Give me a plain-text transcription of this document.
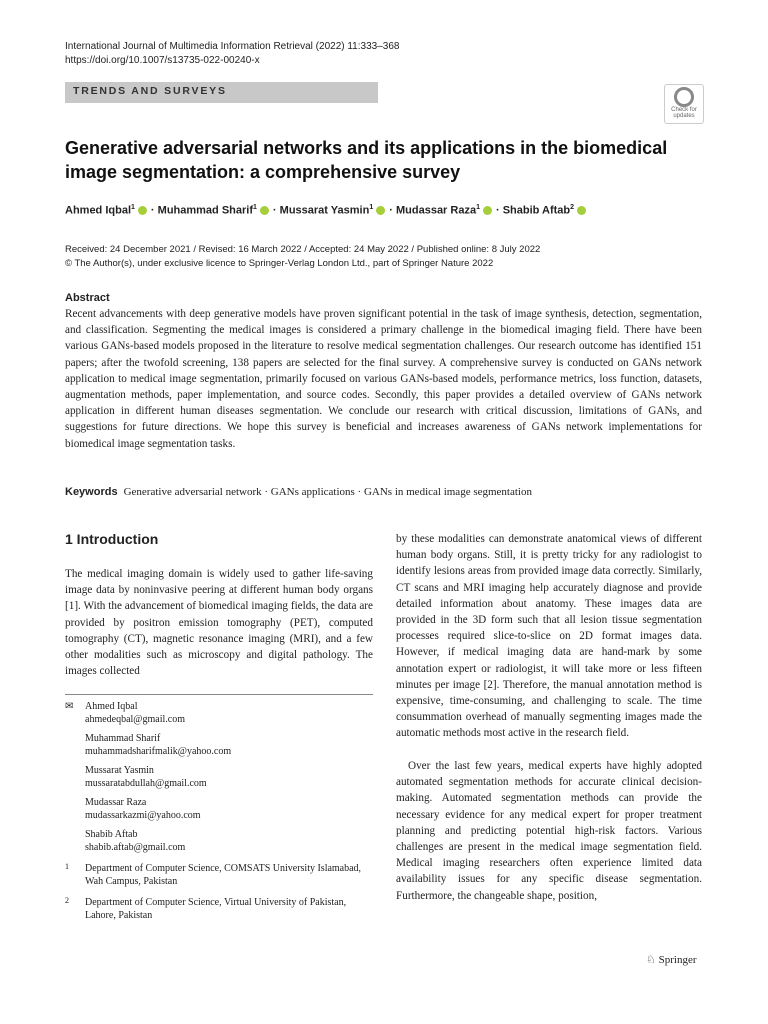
International Journal of Multimedia Information Retrieval (2022) 11:333–368
https://doi.org/10.1007/s13735-022-00240-x
TRENDS AND SURVEYS
Check for
updates
Generative adversarial networks and its applications in the biomedical image segmentation: a comprehensive survey
Ahmed Iqbal$^1$ · Muhammad Sharif$^1$ · Mussarat Yasmin$^1$ · Mudassar Raza$^1$ · Shabib Aftab$^2$
Received: 24 December 2021 / Revised: 16 March 2022 / Accepted: 24 May 2022 / Published online: 8 July 2022
© The Author(s), under exclusive licence to Springer-Verlag London Ltd., part of Springer Nature 2022
Abstract

Recent advancements with deep generative models have proven significant potential in the task of image synthesis, detection, segmentation, and classification. Segmenting the medical images is considered a primary challenge in the biomedical imaging field. There have been various GANs-based models proposed in the literature to resolve medical segmentation challenges. Our research outcome has identified 151 papers; after the twofold screening, 138 papers are selected for the final survey. A comprehensive survey is conducted on GANs network application to medical image segmentation, primarily focused on various GANs-based models, performance metrics, loss function, datasets, augmentation methods, paper implementation, and source codes. Secondly, this paper provides a detailed overview of GANs network application in different human diseases segmentation. We conclude our research with critical discussion, limitations of GANs, and suggestions for future directions. We hope this survey is beneficial and increases awareness of GANs network implementations for biomedical image segmentation tasks.

Keywords Generative adversarial network · GANs applications · GANs in medical image segmentation
1 Introduction

The medical imaging domain is widely used to gather life-saving image data by noninvasive peering at different human body organs [1]. With the advancement of biomedical imaging fields, the data are provided by positron emission tomography (PET), computed tomography (CT), magnetic resonance imaging (MRI), and a few other modalities such as microscopy and digital pathology. The images collected

by these modalities can demonstrate anatomical views of different human body organs. Still, it is pretty tricky for any radiologist to identify lesions areas from provided image data correctly. Similarly, CT scans and MRI imaging help accurately diagnose and provide detailed information about anatomy. These images data are provided in the 3D form such that all lesion tissue segmentation processes required slice-to-slice on 2D format images data. However, if medical imaging data are hand-mark by some annotation expert or radiologist, it will take more or less fifteen minutes per image [2]. Therefore, the manual annotation method is expensive, time-consuming, and challenging to scale. The time consummation overhead of manually segmenting images made the automatic methods most active in the research field.

Over the last few years, medical experts have highly adopted automated segmentation methods for accurate clinical decision-making. Automated segmentation methods can provide the necessary evidence for any medical expert for proper treatment planning and predicting potential high-risk factors. Various challenges are present in the medical image segmentation field. Medical imaging researchers often experience limited data availability issues for any specific disease segmentation. Furthermore, the changeable shape, position,

✉ Ahmed Iqbal
ahmedeqbal@gmail.com
Muhammad Sharif
muhammadsharifmalik@yahoo.com
Mussarat Yasmin
mussaratabdullah@gmail.com
Mudassar Raza
mudassarkazmi@yahoo.com
Shabib Aftab
shabib.aftab@gmail.com
1 Department of Computer Science, COMSATS University Islamabad, Wah Campus, Pakistan
2 Department of Computer Science, Virtual University of Pakistan, Lahore, Pakistan
♘ Springer
